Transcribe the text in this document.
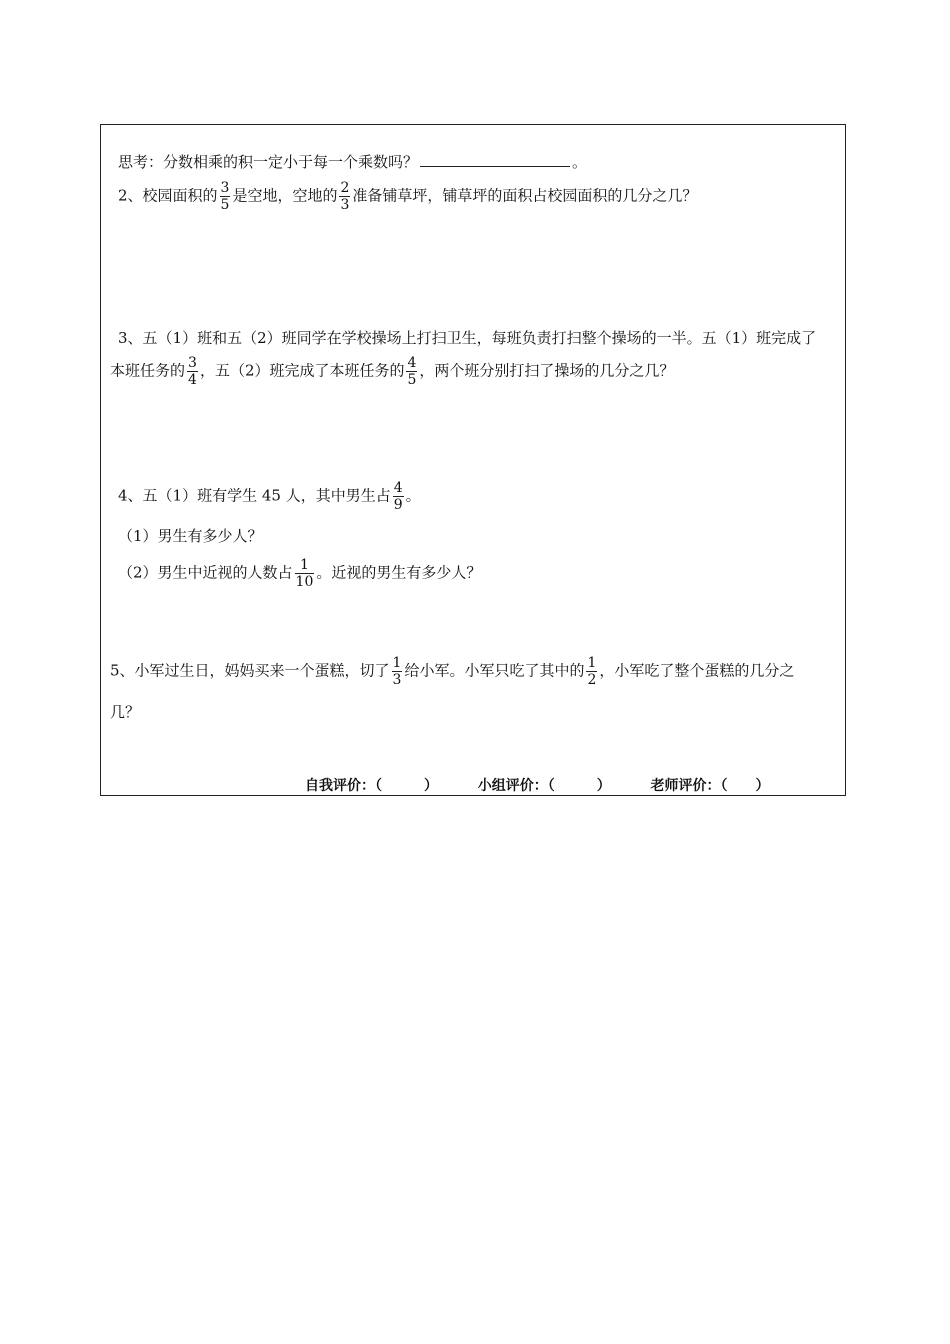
思考：分数相乘的积一定小于每一个乘数吗？	。
2、校园面积的 $\frac{3}{5}$ 是空地，空地的 $\frac{2}{3}$ 准备铺草坪，铺草坪的面积占校园面积的几分之几？
3、五（1）班和五（2）班同学在学校操场上打扫卫生，每班负责打扫整个操场的一半。五（1）班完成了
本班任务的 $\frac{3}{4}$ ，五（2）班完成了本班任务的 $\frac{4}{5}$ ，两个班分别打扫了操场的几分之几？
4、五（1）班有学生 45 人，其中男生占 $\frac{4}{9}$ 。
（1）男生有多少人？
（2）男生中近视的人数占 $\frac{1}{10}$ 。近视的男生有多少人？
5、小军过生日，妈妈买来一个蛋糕，切了 $\frac{1}{3}$ 给小军。小军只吃了其中的 $\frac{1}{2}$ ，小军吃了整个蛋糕的几分之
几？
自我评价：（　　　）	小组评价：（　　　）	老师评价：（　　）
